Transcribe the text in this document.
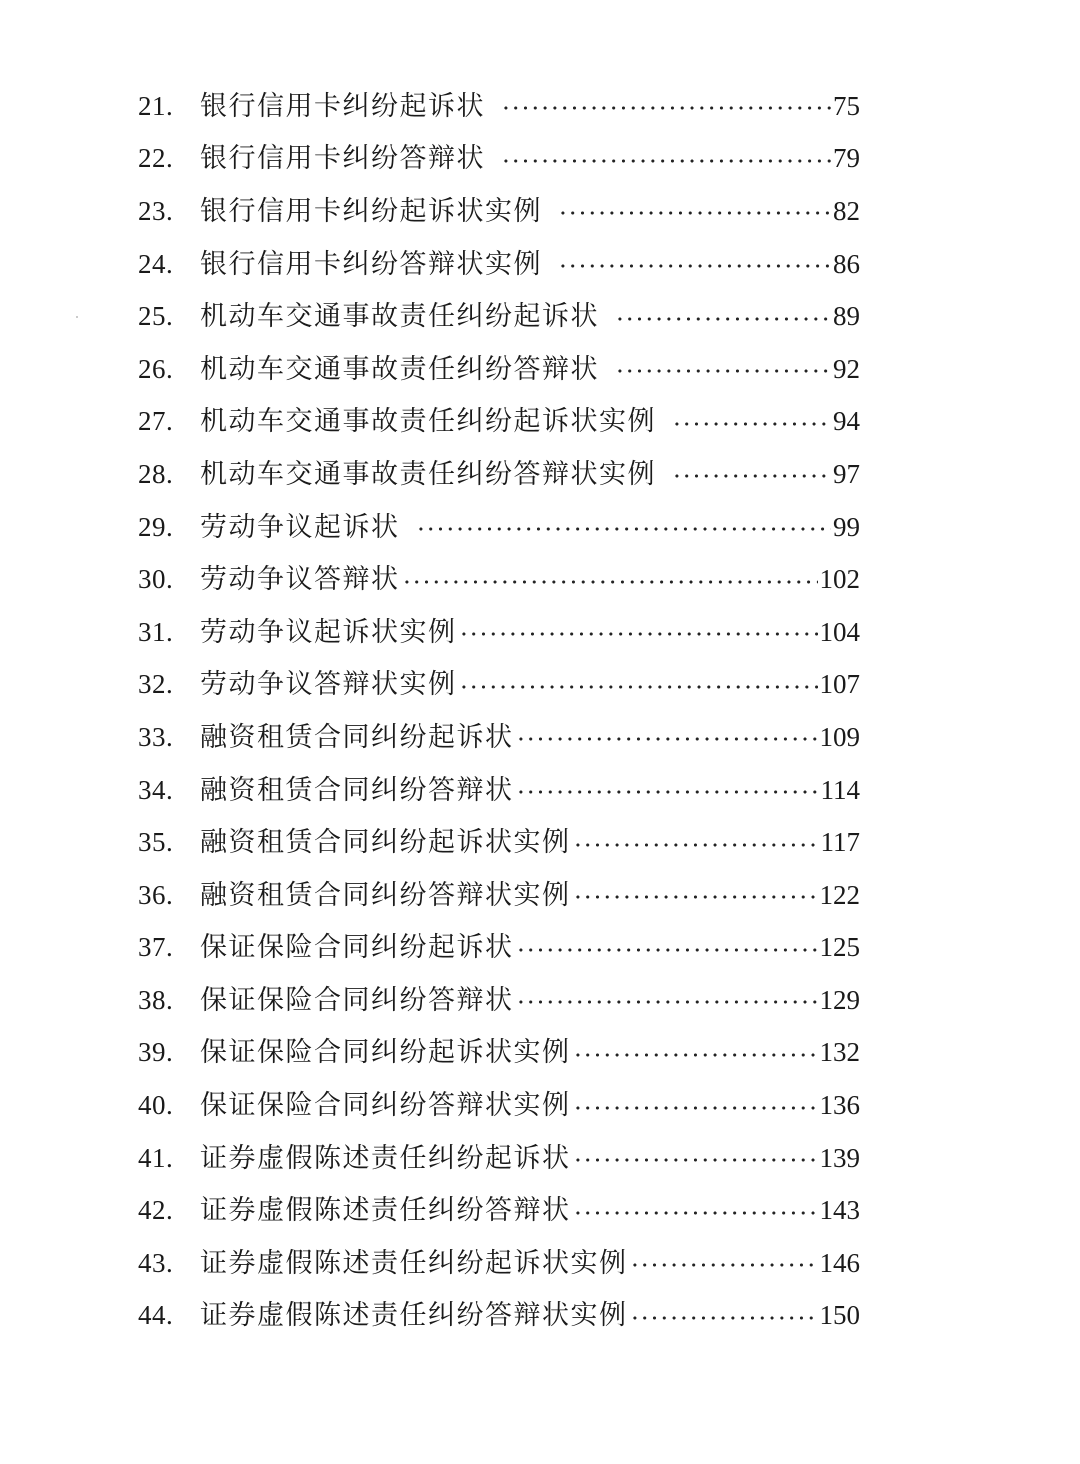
21. 银行信用卡纠纷起诉状	75
22. 银行信用卡纠纷答辩状	79
23. 银行信用卡纠纷起诉状实例	82
24. 银行信用卡纠纷答辩状实例	86
25. 机动车交通事故责任纠纷起诉状	89
26. 机动车交通事故责任纠纷答辩状	92
27. 机动车交通事故责任纠纷起诉状实例	94
28. 机动车交通事故责任纠纷答辩状实例	97
29. 劳动争议起诉状	99
30. 劳动争议答辩状	102
31. 劳动争议起诉状实例	104
32. 劳动争议答辩状实例	107
33. 融资租赁合同纠纷起诉状	109
34. 融资租赁合同纠纷答辩状	114
35. 融资租赁合同纠纷起诉状实例	117
36. 融资租赁合同纠纷答辩状实例	122
37. 保证保险合同纠纷起诉状	125
38. 保证保险合同纠纷答辩状	129
39. 保证保险合同纠纷起诉状实例	132
40. 保证保险合同纠纷答辩状实例	136
41. 证券虚假陈述责任纠纷起诉状	139
42. 证券虚假陈述责任纠纷答辩状	143
43. 证券虚假陈述责任纠纷起诉状实例	146
44. 证券虚假陈述责任纠纷答辩状实例	150
